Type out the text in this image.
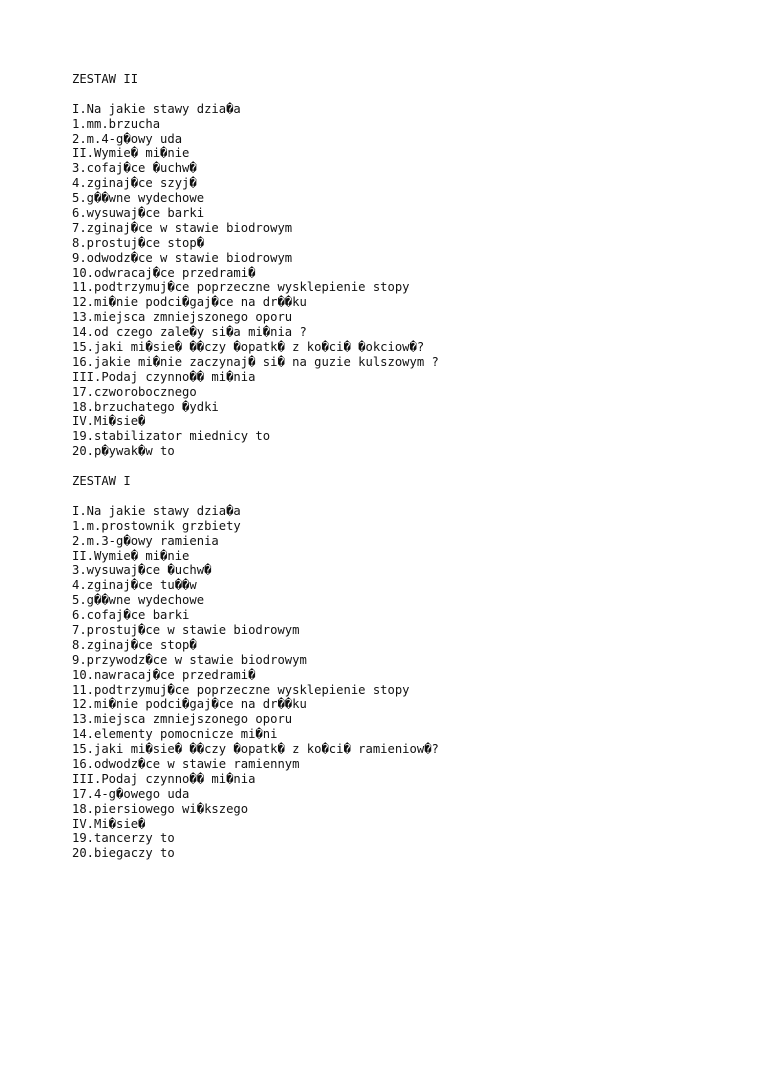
ZESTAW II
I.Na jakie stawy dzia�a
1.mm.brzucha
2.m.4-g�owy uda
II.Wymie� mi�nie
3.cofaj�ce �uchw�
4.zginaj�ce szyj�
5.g��wne wydechowe
6.wysuwaj�ce barki
7.zginaj�ce w stawie biodrowym
8.prostuj�ce stop�
9.odwodz�ce w stawie biodrowym
10.odwracaj�ce przedrami�
11.podtrzymuj�ce poprzeczne wysklepienie stopy
12.mi�nie podci�gaj�ce na dr��ku
13.miejsca zmniejszonego oporu
14.od czego zale�y si�a mi�nia ?
15.jaki mi�sie� ��czy �opatk� z ko�ci� �okciow�?
16.jakie mi�nie zaczynaj� si� na guzie kulszowym ?
III.Podaj czynno�� mi�nia
17.czworobocznego
18.brzuchatego �ydki
IV.Mi�sie�
19.stabilizator miednicy to
20.p�ywak�w to
ZESTAW I
I.Na jakie stawy dzia�a
1.m.prostownik grzbiety
2.m.3-g�owy ramienia
II.Wymie� mi�nie
3.wysuwaj�ce �uchw�
4.zginaj�ce tu��w
5.g��wne wydechowe
6.cofaj�ce barki
7.prostuj�ce w stawie biodrowym
8.zginaj�ce stop�
9.przywodz�ce w stawie biodrowym
10.nawracaj�ce przedrami�
11.podtrzymuj�ce poprzeczne wysklepienie stopy
12.mi�nie podci�gaj�ce na dr��ku
13.miejsca zmniejszonego oporu
14.elementy pomocnicze mi�ni
15.jaki mi�sie� ��czy �opatk� z ko�ci� ramieniow�?
16.odwodz�ce w stawie ramiennym
III.Podaj czynno�� mi�nia
17.4-g�owego uda
18.piersiowego wi�kszego
IV.Mi�sie�
19.tancerzy to
20.biegaczy to
